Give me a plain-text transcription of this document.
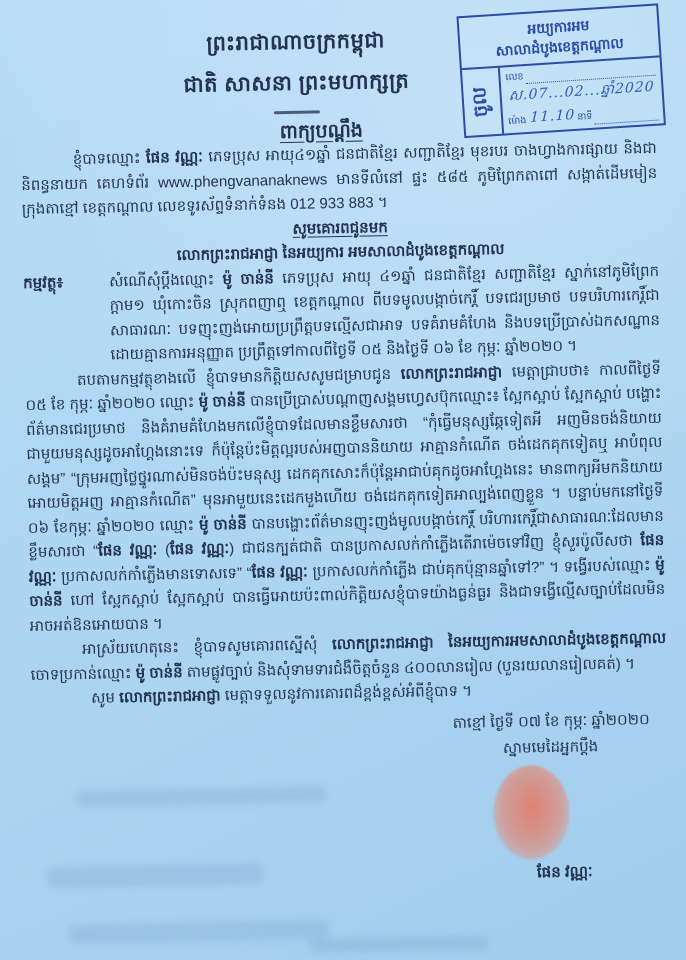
ព្រះរាជាណាចក្រកម្ពុជា
ជាតិ សាសនា ព្រះមហាក្សត្រ
អយ្យការអម
សាលាដំបូងខេត្តកណ្តាល
ចូល
លេខ
ស.07...02...ឆ្នាំ2020
ម៉ោង 11.10 នាទី
ពាក្យបណ្តឹង

ខ្ញុំបាទឈ្មោះ ផែន វណ្ណៈ ភេទប្រុស អាយុ៤១ឆ្នាំ ជនជាតិខ្មែរ សញ្ជាតិខ្មែរ មុខរបរ ចាងហ្វាងការផ្សាយ និងជានិពន្ធនាយក គេហទំព័រ www.phengvananaknews មានទីលំនៅ ផ្ទះ ៥៨៥ ភូមិព្រែកតាពៅ សង្កាត់ដើមមៀន ក្រុងតាខ្មៅ ខេត្តកណ្តាល លេខទូរស័ព្ទទំនាក់ទំនង 012 933 883 ។

សូមគោរពជូនមក
លោកព្រះរាជអាជ្ញា នៃអយ្យការ អមសាលាដំបូងខេត្តកណ្តាល
កម្មវត្ថុ៖	សំណើសុំប្តឹងឈ្មោះ ម៉ូ ចាន់នី ភេទប្រុស អាយុ ៤១ឆ្នាំ ជនជាតិខ្មែរ សញ្ជាតិខ្មែរ ស្នាក់នៅភូមិព្រែកក្តាម១ ឃុំកោះចិន ស្រុកពញាឮ ខេត្តកណ្តាល ពីបទមូលបង្កាច់កេរ្តិ៍ បទជេរប្រមាថ បទបរិហារកេរ្តិ៍ជាសាធារណៈ បទញុះញង់អោយប្រព្រឹត្តបទល្មើសជាអាទ បទគំរាមគំហែង និងបទប្រើប្រាស់ឯកសណ្ឋានដោយគ្មានការអនុញ្ញាត ប្រព្រឹត្តទៅកាលពីថ្ងៃទី ០៥ និងថ្ងៃទី ០៦ ខែ កុម្ភៈ ឆ្នាំ២០២០ ។

តបតាមកម្មវត្ថុខាងលើ ខ្ញុំបាទមានកិត្តិយសសូមជម្រាបជូន លោកព្រះរាជអាជ្ញា មេត្តាជ្រាបថា៖ កាលពីថ្ងៃទី ០៥ ខែ កុម្ភៈ ឆ្នាំ២០២០ ឈ្មោះ ម៉ូ ចាន់នី បានប្រើប្រាស់បណ្តាញសង្គមហ្វេសប៊ុកឈ្មោះ៖ ស្អែកស្អាប់ ស្អែកស្អាប់ បង្ហោះព័ត៌មានជេរប្រមាថ និងគំរាមគំហែងមកលើខ្ញុំបាទដែលមានខ្លឹមសារថា “កុំធ្វើមនុស្សឆ្កែទៀតអី អញមិនចង់និយាយជាមួយមនុស្សដូចអាហ្គែងនោះទេ ក៏ប៉ុន្តែប៉ះមិត្តល្អរបស់អញបាននិយាយ អាគ្មានកំណើត ចង់ដេកគុកទៀតឬ អាបំពុលសង្គម” “ក្រុមអញថ្លៃថ្នូរណាស់មិនចង់ប៉ះមនុស្ស ដេកគុកសោះក៏ប៉ុន្តែអាជាប់គុកដូចអាហ្គែងនេះ មានពាក្យអីមកនិយាយអោយមិត្តអញ អាគ្មានកំណើត” មុនអាមួយនេះដេកមួងហើយ ចង់ដេកគុកទៀតអាល្បង់ពេញខ្លួន ។ បន្ទាប់មកនៅថ្ងៃទី ០៦ ខែកុម្ភៈ ឆ្នាំ២០២០ ឈ្មោះ ម៉ូ ចាន់នី បានបង្ហោះព័ត៌មានញុះញង់មូលបង្កាច់កេរ្តិ៍ បរិហារកេរ្តិ៍ជាសាធារណៈដែលមានខ្លឹមសារថា “ផែន វណ្ណៈ (ផែន វណ្ណៈ) ជាជនក្បត់ជាតិ បានប្រកាសលក់កាំភ្លើងតើរាម៉េចទៅវិញ ខ្ញុំសួរប៉ូលីសថា ផែន វណ្ណៈ ប្រកាសលក់កាំភ្លើងមានទោសទេ” “ផែន វណ្ណៈ ប្រកាសលក់កាំភ្លើង ជាប់គុកប៉ុន្មានឆ្នាំទៅ?” ។ ទង្វើរបស់ឈ្មោះ ម៉ូ ចាន់នី ហៅ ស្អែកស្អាប់ ស្អែកស្អាប់ បានធ្វើអោយប៉ះពាល់កិត្តិយសខ្ញុំបាទយ៉ាងធ្ងន់ធ្ងរ និងជាទង្វើល្មើសច្បាប់ដែលមិនអាចអត់ឱនអោយបាន ។

អាស្រ័យហេតុនេះ ខ្ញុំបាទសូមគោរពស្នើសុំ លោកព្រះរាជអាជ្ញា នៃអយ្យការអមសាលាដំបូងខេត្តកណ្តាល ចោទប្រកាន់ឈ្មោះ ម៉ូ ចាន់នី តាមផ្លូវច្បាប់ និងសុំទាមទារជំងឺចិត្តចំនួន ៤០០លានរៀល (បួនរយលានរៀលគត់) ។

សូម លោកព្រះរាជអាជ្ញា មេត្តាទទួលនូវការគោរពដ៏ខ្ពង់ខ្ពស់អំពីខ្ញុំបាទ ។

តាខ្មៅ ថ្ងៃទី ០៧ ខែ កុម្ភៈ ឆ្នាំ២០២០
ស្នាមមេដៃអ្នកប្តឹង
ផែន វណ្ណៈ
